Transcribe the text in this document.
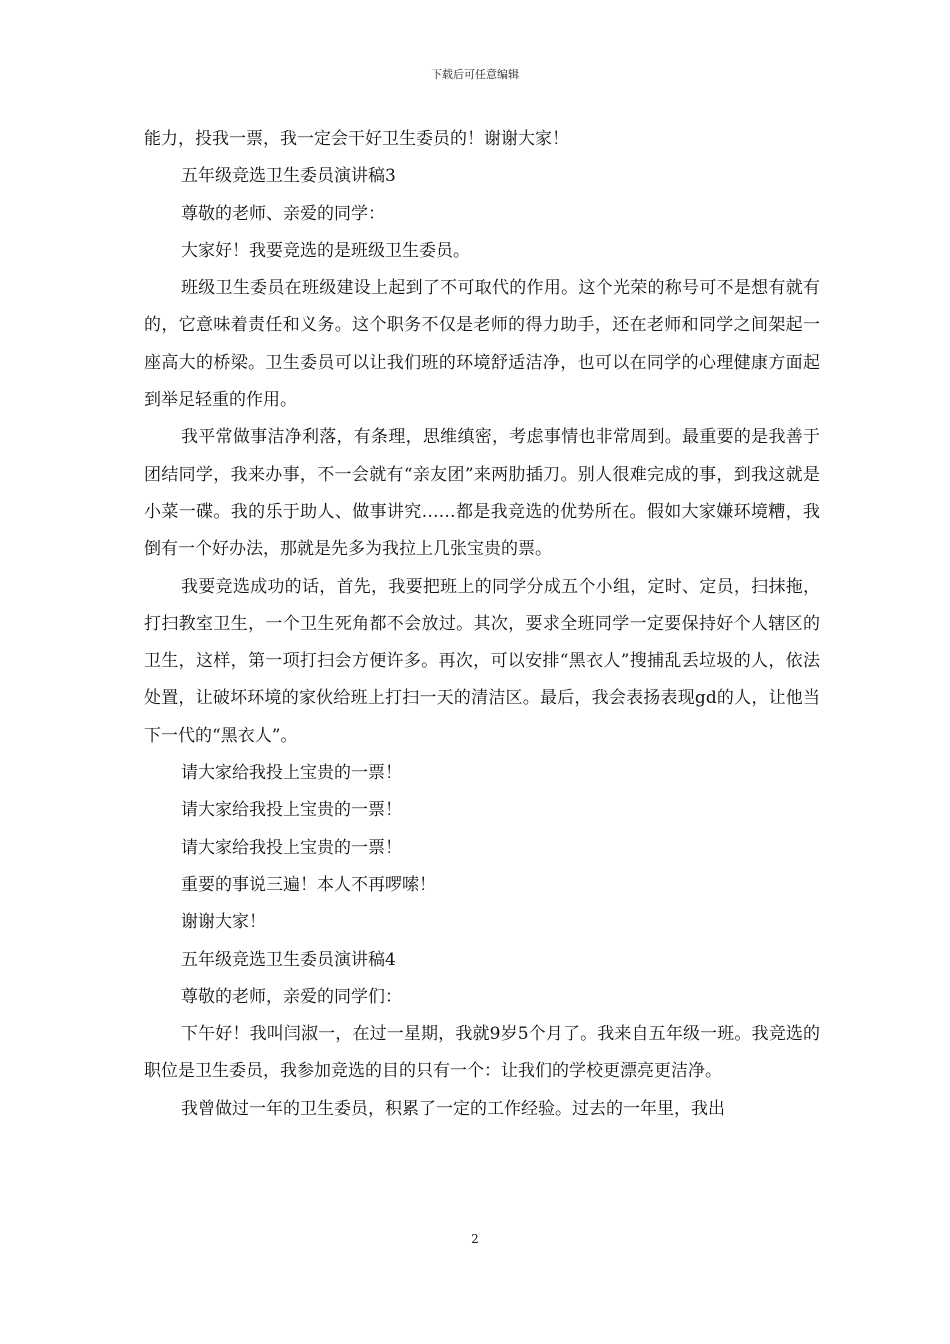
下载后可任意编辑

能力，投我一票，我一定会干好卫生委员的！谢谢大家！

五年级竞选卫生委员演讲稿3

尊敬的老师、亲爱的同学：

大家好！我要竞选的是班级卫生委员。

班级卫生委员在班级建设上起到了不可取代的作用。这个光荣的称号可不是想有就有的，它意味着责任和义务。这个职务不仅是老师的得力助手，还在老师和同学之间架起一座高大的桥梁。卫生委员可以让我们班的环境舒适洁净，也可以在同学的心理健康方面起到举足轻重的作用。

我平常做事洁净利落，有条理，思维缜密，考虑事情也非常周到。最重要的是我善于团结同学，我来办事，不一会就有“亲友团”来两肋插刀。别人很难完成的事，到我这就是小菜一碟。我的乐于助人、做事讲究……都是我竞选的优势所在。假如大家嫌环境糟，我倒有一个好办法，那就是先多为我拉上几张宝贵的票。

我要竞选成功的话，首先，我要把班上的同学分成五个小组，定时、定员，扫抹拖，打扫教室卫生，一个卫生死角都不会放过。其次，要求全班同学一定要保持好个人辖区的卫生，这样，第一项打扫会方便许多。再次，可以安排“黑衣人”搜捕乱丢垃圾的人，依法处置，让破坏环境的家伙给班上打扫一天的清洁区。最后，我会表扬表现gd的人，让他当下一代的“黑衣人”。

请大家给我投上宝贵的一票！

请大家给我投上宝贵的一票！

请大家给我投上宝贵的一票！

重要的事说三遍！本人不再啰嗦！

谢谢大家！

五年级竞选卫生委员演讲稿4

尊敬的老师，亲爱的同学们：

下午好！我叫闫淑一，在过一星期，我就9岁5个月了。我来自五年级一班。我竞选的职位是卫生委员，我参加竞选的目的只有一个：让我们的学校更漂亮更洁净。

我曾做过一年的卫生委员，积累了一定的工作经验。过去的一年里，我出

2
